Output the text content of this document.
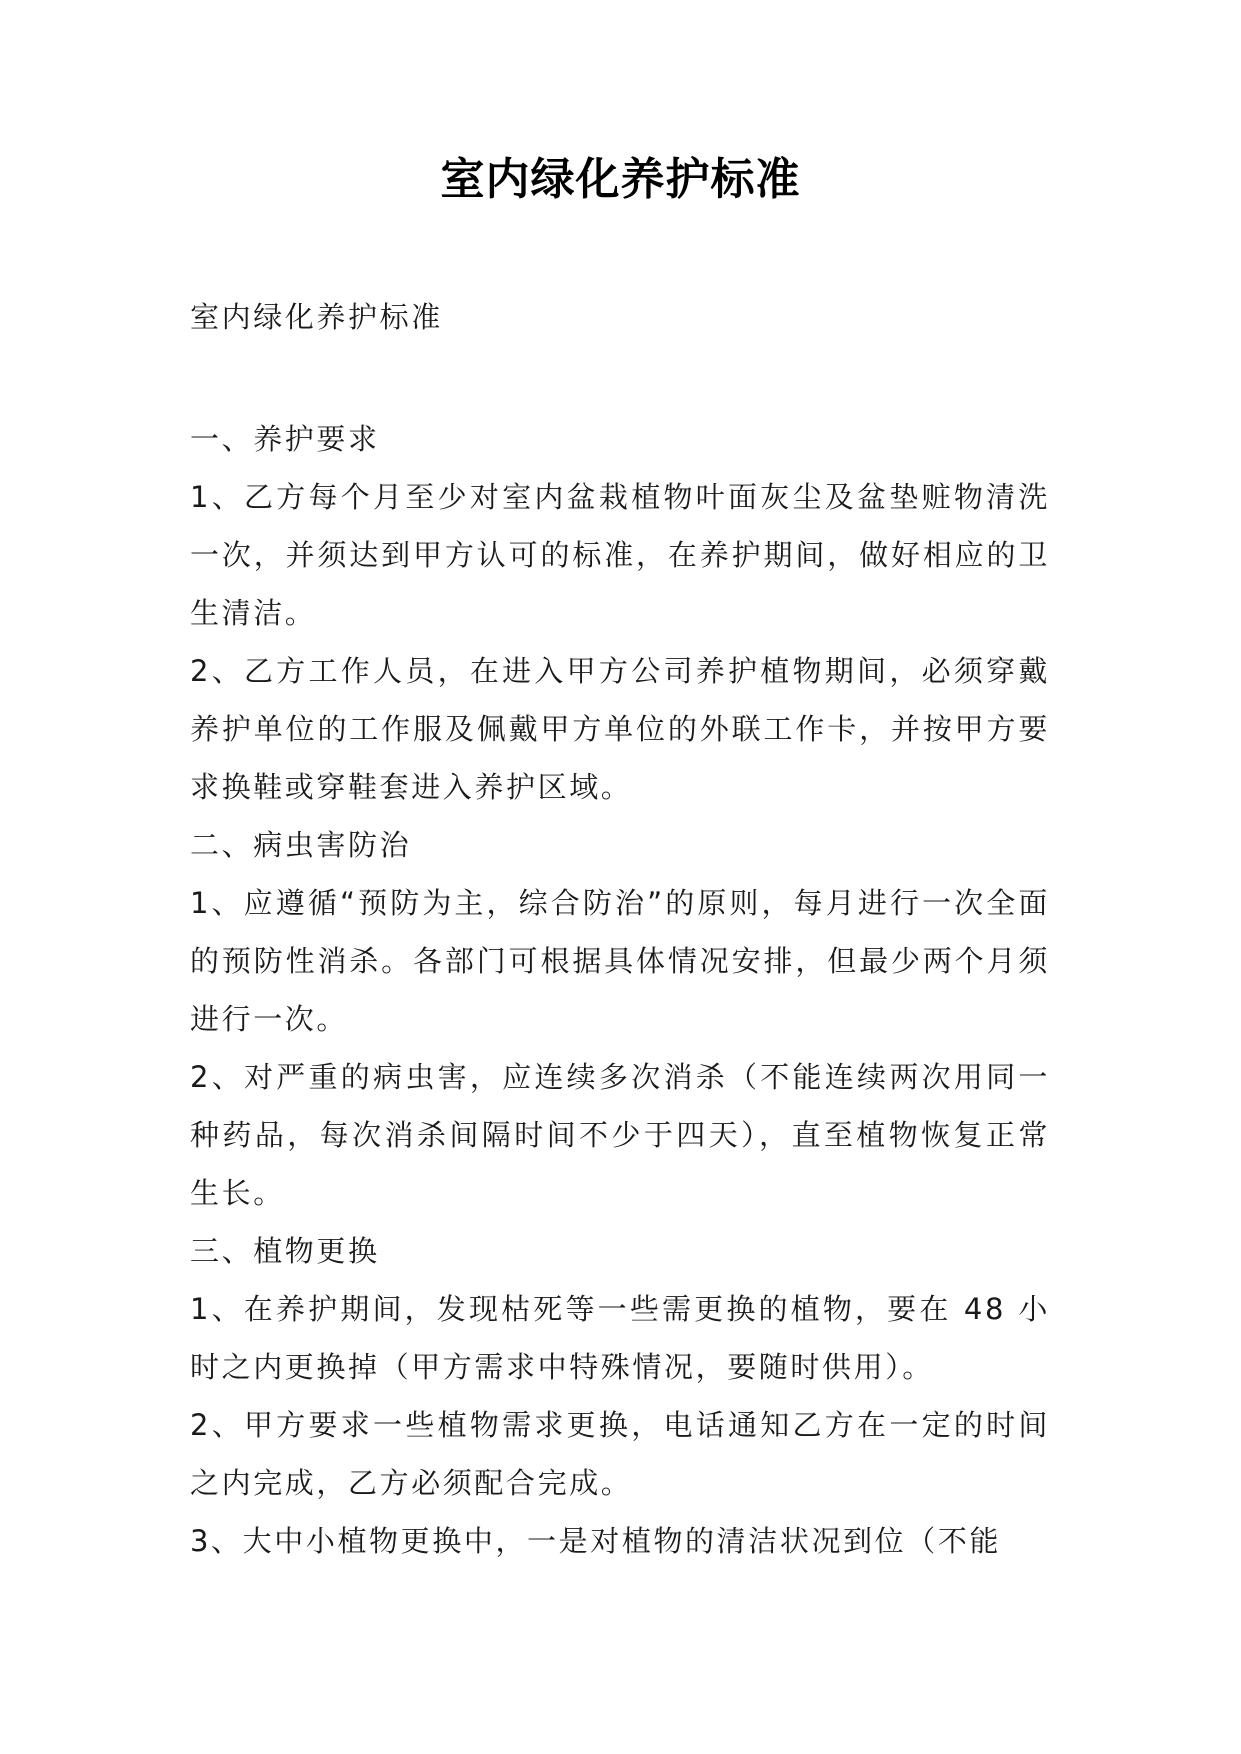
室内绿化养护标准
室内绿化养护标准

一、养护要求

1、乙方每个月至少对室内盆栽植物叶面灰尘及盆垫赃物清洗一次，并须达到甲方认可的标准，在养护期间，做好相应的卫生清洁。

2、乙方工作人员，在进入甲方公司养护植物期间，必须穿戴养护单位的工作服及佩戴甲方单位的外联工作卡，并按甲方要求换鞋或穿鞋套进入养护区域。

二、病虫害防治

1、应遵循“预防为主，综合防治”的原则，每月进行一次全面的预防性消杀。各部门可根据具体情况安排，但最少两个月须进行一次。

2、对严重的病虫害，应连续多次消杀（不能连续两次用同一种药品，每次消杀间隔时间不少于四天），直至植物恢复正常生长。

三、植物更换

1、在养护期间，发现枯死等一些需更换的植物，要在 48 小时之内更换掉（甲方需求中特殊情况，要随时供用）。

2、甲方要求一些植物需求更换，电话通知乙方在一定的时间之内完成，乙方必须配合完成。

3、大中小植物更换中，一是对植物的清洁状况到位（不能
